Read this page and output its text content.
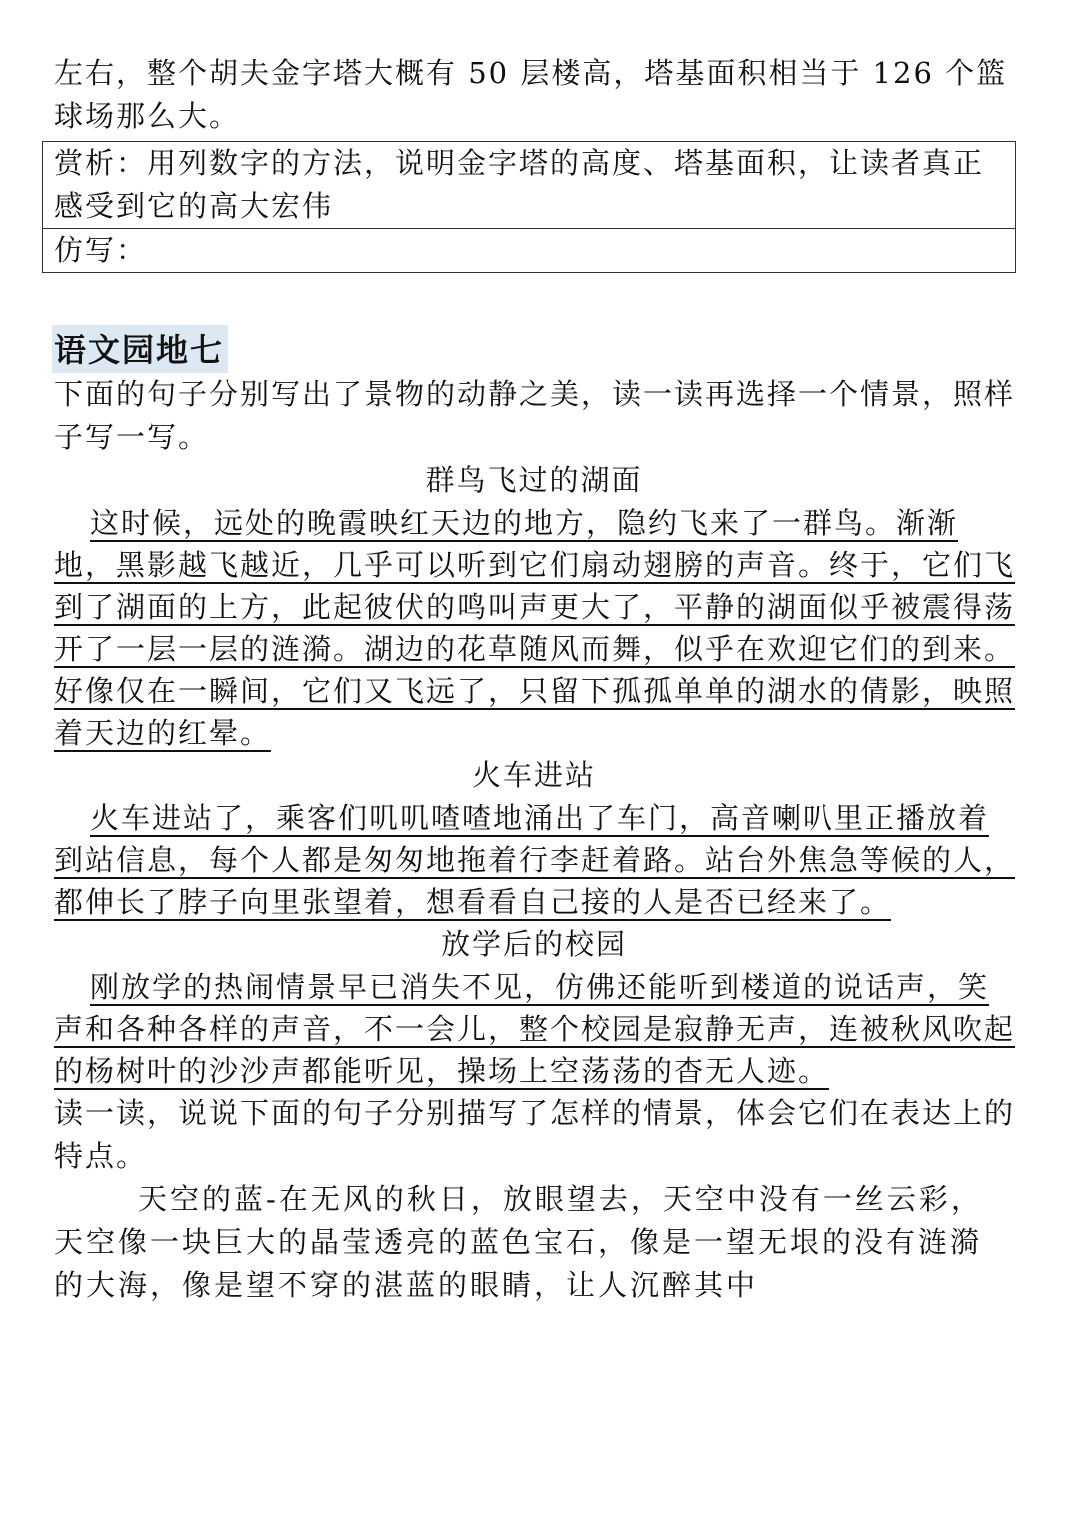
左右，整个胡夫金字塔大概有 50 层楼高，塔基面积相当于 126 个篮球场那么大。

赏析：用列数字的方法，说明金字塔的高度、塔基面积，让读者真正感受到它的高大宏伟
仿写：
语文园地七

下面的句子分别写出了景物的动静之美，读一读再选择一个情景，照样子写一写。

群鸟飞过的湖面

这时候，远处的晚霞映红天边的地方，隐约飞来了一群鸟。渐渐地，黑影越飞越近，几乎可以听到它们扇动翅膀的声音。终于，它们飞到了湖面的上方，此起彼伏的鸣叫声更大了，平静的湖面似乎被震得荡开了一层一层的涟漪。湖边的花草随风而舞，似乎在欢迎它们的到来。好像仅在一瞬间，它们又飞远了，只留下孤孤单单的湖水的倩影，映照着天边的红晕。

火车进站

火车进站了，乘客们叽叽喳喳地涌出了车门，高音喇叭里正播放着到站信息，每个人都是匆匆地拖着行李赶着路。站台外焦急等候的人，都伸长了脖子向里张望着，想看看自己接的人是否已经来了。

放学后的校园

刚放学的热闹情景早已消失不见，仿佛还能听到楼道的说话声，笑声和各种各样的声音，不一会儿，整个校园是寂静无声，连被秋风吹起的杨树叶的沙沙声都能听见，操场上空荡荡的杳无人迹。

读一读，说说下面的句子分别描写了怎样的情景，体会它们在表达上的特点。

天空的蓝-在无风的秋日，放眼望去，天空中没有一丝云彩，天空像一块巨大的晶莹透亮的蓝色宝石，像是一望无垠的没有涟漪的大海，像是望不穿的湛蓝的眼睛，让人沉醉其中
